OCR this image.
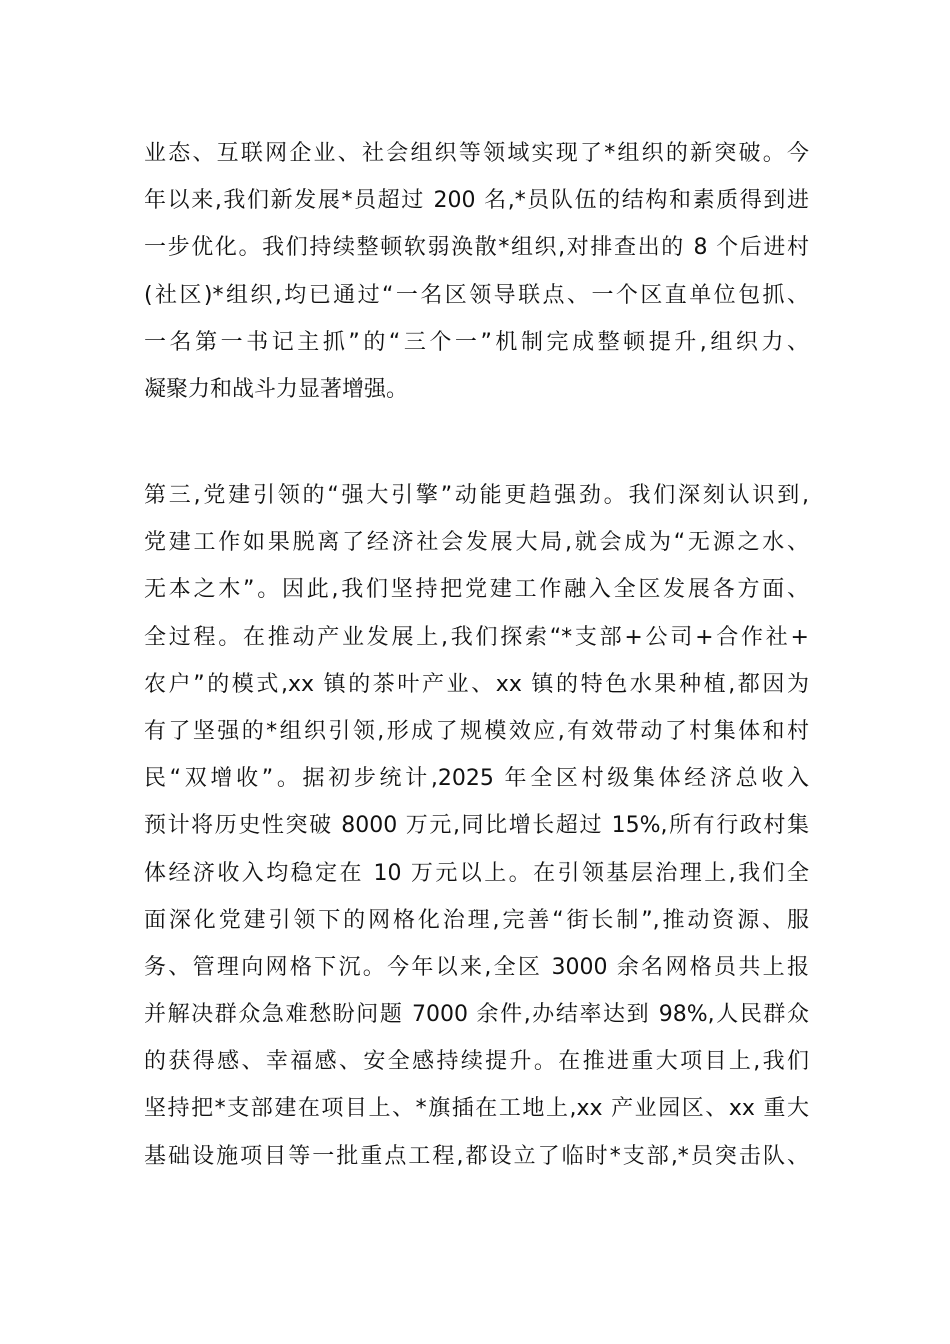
业态、互联网企业、社会组织等领域实现了*组织的新突破。今
年以来,我们新发展*员超过 200 名,*员队伍的结构和素质得到进
一步优化。我们持续整顿软弱涣散*组织,对排查出的 8 个后进村
(社区)*组织,均已通过“一名区领导联点、一个区直单位包抓、
一名第一书记主抓”的“三个一”机制完成整顿提升,组织力、
凝聚力和战斗力显著增强。
第三,党建引领的“强大引擎”动能更趋强劲。我们深刻认识到,
党建工作如果脱离了经济社会发展大局,就会成为“无源之水、
无本之木”。因此,我们坚持把党建工作融入全区发展各方面、
全过程。在推动产业发展上,我们探索“*支部+公司+合作社+
农户”的模式,xx 镇的茶叶产业、xx 镇的特色水果种植,都因为
有了坚强的*组织引领,形成了规模效应,有效带动了村集体和村
民“双增收”。据初步统计,2025 年全区村级集体经济总收入
预计将历史性突破 8000 万元,同比增长超过 15%,所有行政村集
体经济收入均稳定在 10 万元以上。在引领基层治理上,我们全
面深化党建引领下的网格化治理,完善“街长制”,推动资源、服
务、管理向网格下沉。今年以来,全区 3000 余名网格员共上报
并解决群众急难愁盼问题 7000 余件,办结率达到 98%,人民群众
的获得感、幸福感、安全感持续提升。在推进重大项目上,我们
坚持把*支部建在项目上、*旗插在工地上,xx 产业园区、xx 重大
基础设施项目等一批重点工程,都设立了临时*支部,*员突击队、
